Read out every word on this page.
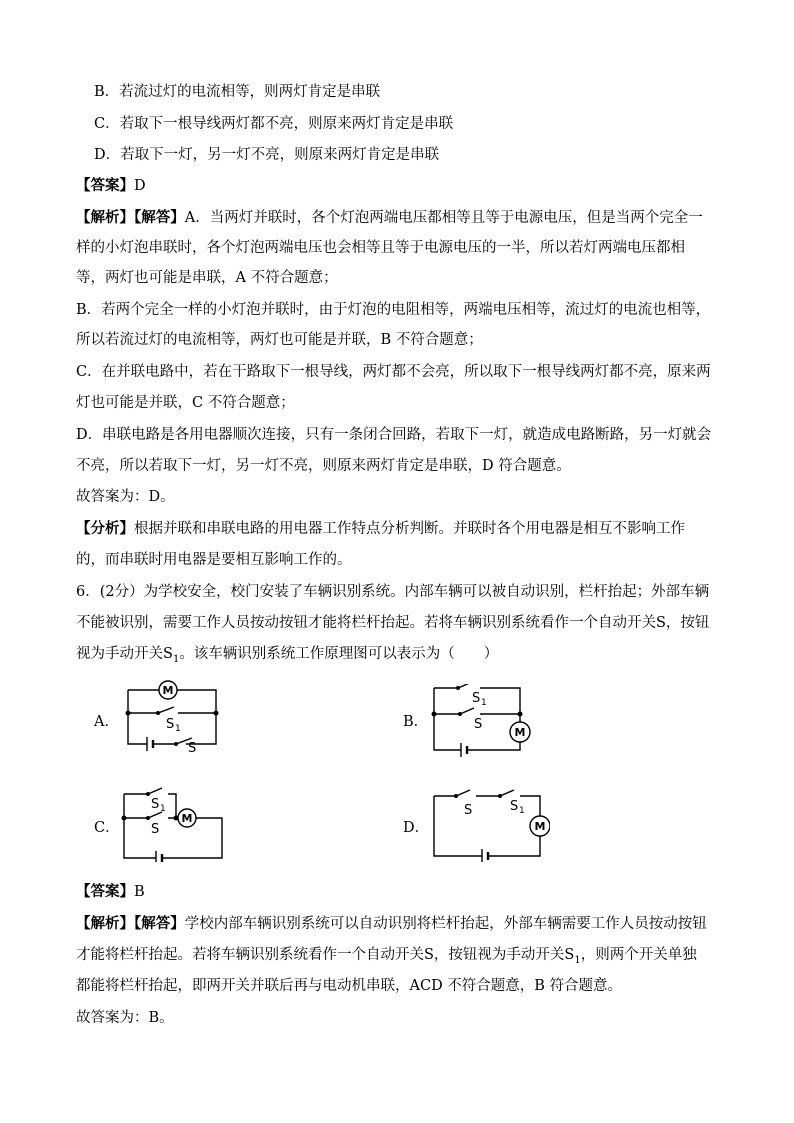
B．若流过灯的电流相等，则两灯肯定是串联
C．若取下一根导线两灯都不亮，则原来两灯肯定是串联
D．若取下一灯，另一灯不亮，则原来两灯肯定是串联
【答案】D
【解析】【解答】A．当两灯并联时，各个灯泡两端电压都相等且等于电源电压，但是当两个完全一
样的小灯泡串联时，各个灯泡两端电压也会相等且等于电源电压的一半，所以若灯两端电压都相
等，两灯也可能是串联，A 不符合题意；
B．若两个完全一样的小灯泡并联时，由于灯泡的电阻相等，两端电压相等，流过灯的电流也相等，
所以若流过灯的电流相等，两灯也可能是并联，B 不符合题意；
C．在并联电路中，若在干路取下一根导线，两灯都不会亮，所以取下一根导线两灯都不亮，原来两
灯也可能是并联，C 不符合题意；
D．串联电路是各用电器顺次连接，只有一条闭合回路，若取下一灯，就造成电路断路，另一灯就会
不亮，所以若取下一灯，另一灯不亮，则原来两灯肯定是串联，D 符合题意。
故答案为：D。
【分析】根据并联和串联电路的用电器工作特点分析判断。并联时各个用电器是相互不影响工作
的，而串联时用电器是要相互影响工作的。
6．(2分）为学校安全，校门安装了车辆识别系统。内部车辆可以被自动识别，栏杆抬起；外部车辆
不能被识别，需要工作人员按动按钮才能将栏杆抬起。若将车辆识别系统看作一个自动开关S，按钮
视为手动开关$S_1$。该车辆识别系统工作原理图可以表示为（　　）
A．	B．
C．	D．
M
S 1
S
S 1
S
M
S 1
S
M
S	S 1
M
【答案】B
【解析】【解答】学校内部车辆识别系统可以自动识别将栏杆抬起，外部车辆需要工作人员按动按钮
才能将栏杆抬起。若将车辆识别系统看作一个自动开关S，按钮视为手动开关$S_1$，则两个开关单独
都能将栏杆抬起，即两开关并联后再与电动机串联，ACD 不符合题意，B 符合题意。
故答案为：B。
